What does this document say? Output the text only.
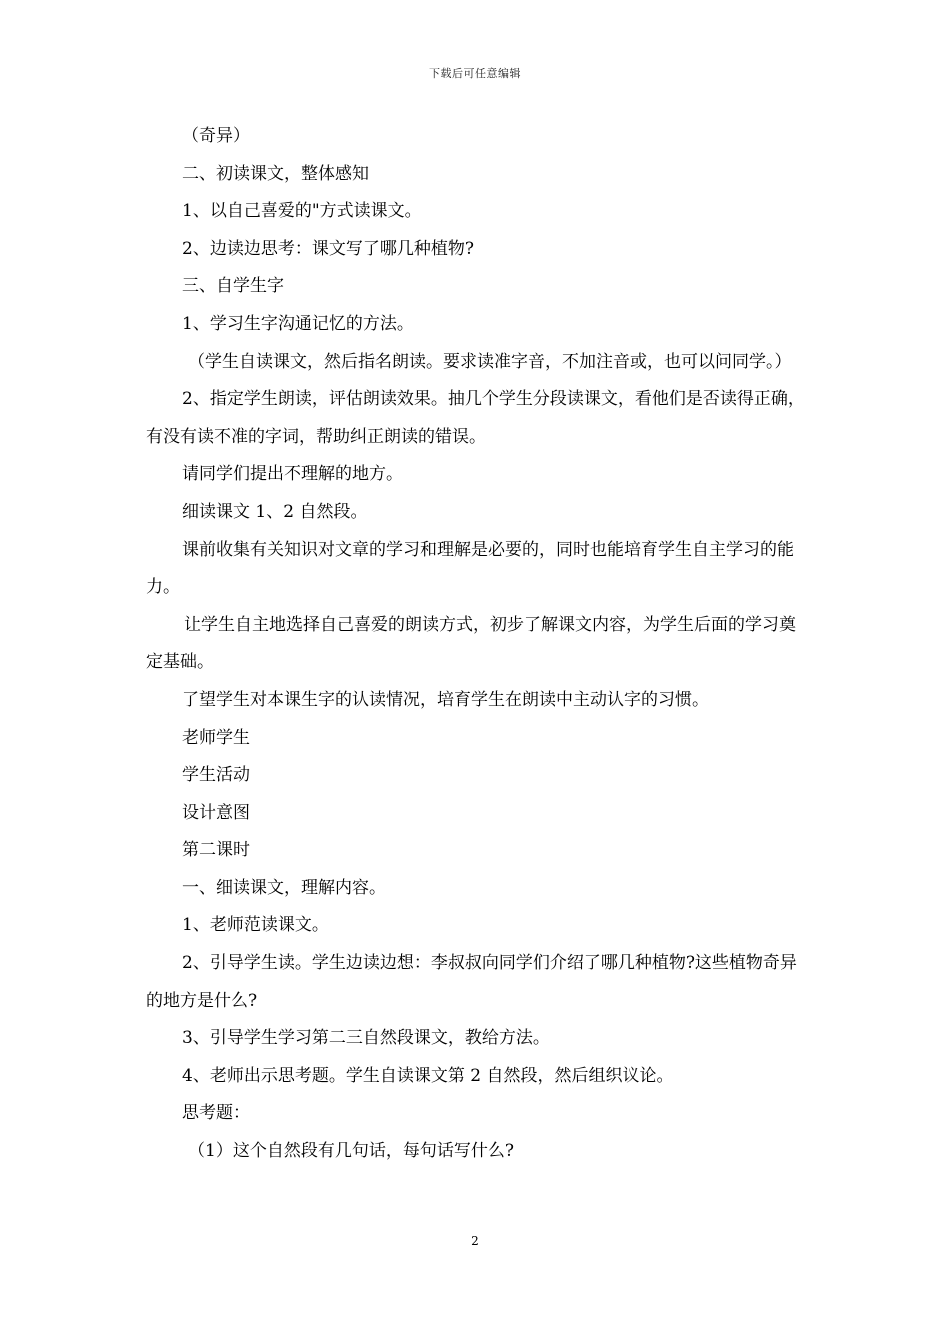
下载后可任意编辑

（奇异）

二、初读课文，整体感知

1、以自己喜爱的"方式读课文。

2、边读边思考：课文写了哪几种植物?

三、自学生字

1、学习生字沟通记忆的方法。

（学生自读课文，然后指名朗读。要求读准字音，不加注音或，也可以问同学。）

2、指定学生朗读，评估朗读效果。抽几个学生分段读课文，看他们是否读得正确，有没有读不准的字词，帮助纠正朗读的错误。

请同学们提出不理解的地方。

细读课文 1、2 自然段。

课前收集有关知识对文章的学习和理解是必要的，同时也能培育学生自主学习的能力。

让学生自主地选择自己喜爱的朗读方式，初步了解课文内容，为学生后面的学习奠定基础。

了望学生对本课生字的认读情况，培育学生在朗读中主动认字的习惯。

老师学生

学生活动

设计意图

第二课时

一、细读课文，理解内容。

1、老师范读课文。

2、引导学生读。学生边读边想：李叔叔向同学们介绍了哪几种植物?这些植物奇异的地方是什么?

3、引导学生学习第二三自然段课文，教给方法。

4、老师出示思考题。学生自读课文第 2 自然段，然后组织议论。

思考题：

（1）这个自然段有几句话，每句话写什么?

2
